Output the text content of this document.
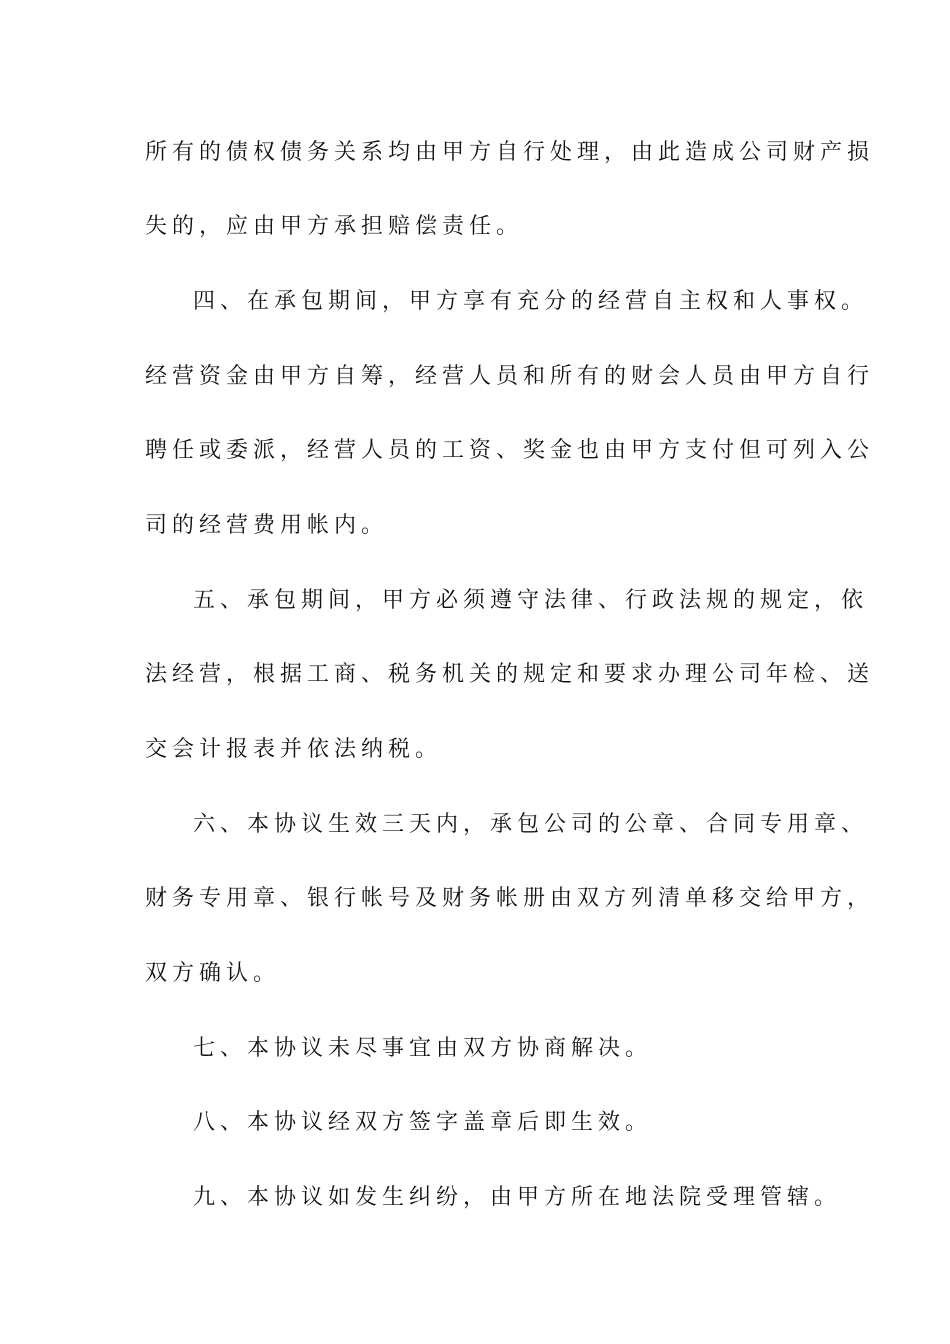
所有的债权债务关系均由甲方自行处理，由此造成公司财产损
失的，应由甲方承担赔偿责任。
四、在承包期间，甲方享有充分的经营自主权和人事权。
经营资金由甲方自筹，经营人员和所有的财会人员由甲方自行
聘任或委派，经营人员的工资、奖金也由甲方支付但可列入公
司的经营费用帐内。
五、承包期间，甲方必须遵守法律、行政法规的规定，依
法经营，根据工商、税务机关的规定和要求办理公司年检、送
交会计报表并依法纳税。
六、本协议生效三天内，承包公司的公章、合同专用章、
财务专用章、银行帐号及财务帐册由双方列清单移交给甲方，
双方确认。
七、本协议未尽事宜由双方协商解决。
八、本协议经双方签字盖章后即生效。
九、本协议如发生纠纷，由甲方所在地法院受理管辖。
